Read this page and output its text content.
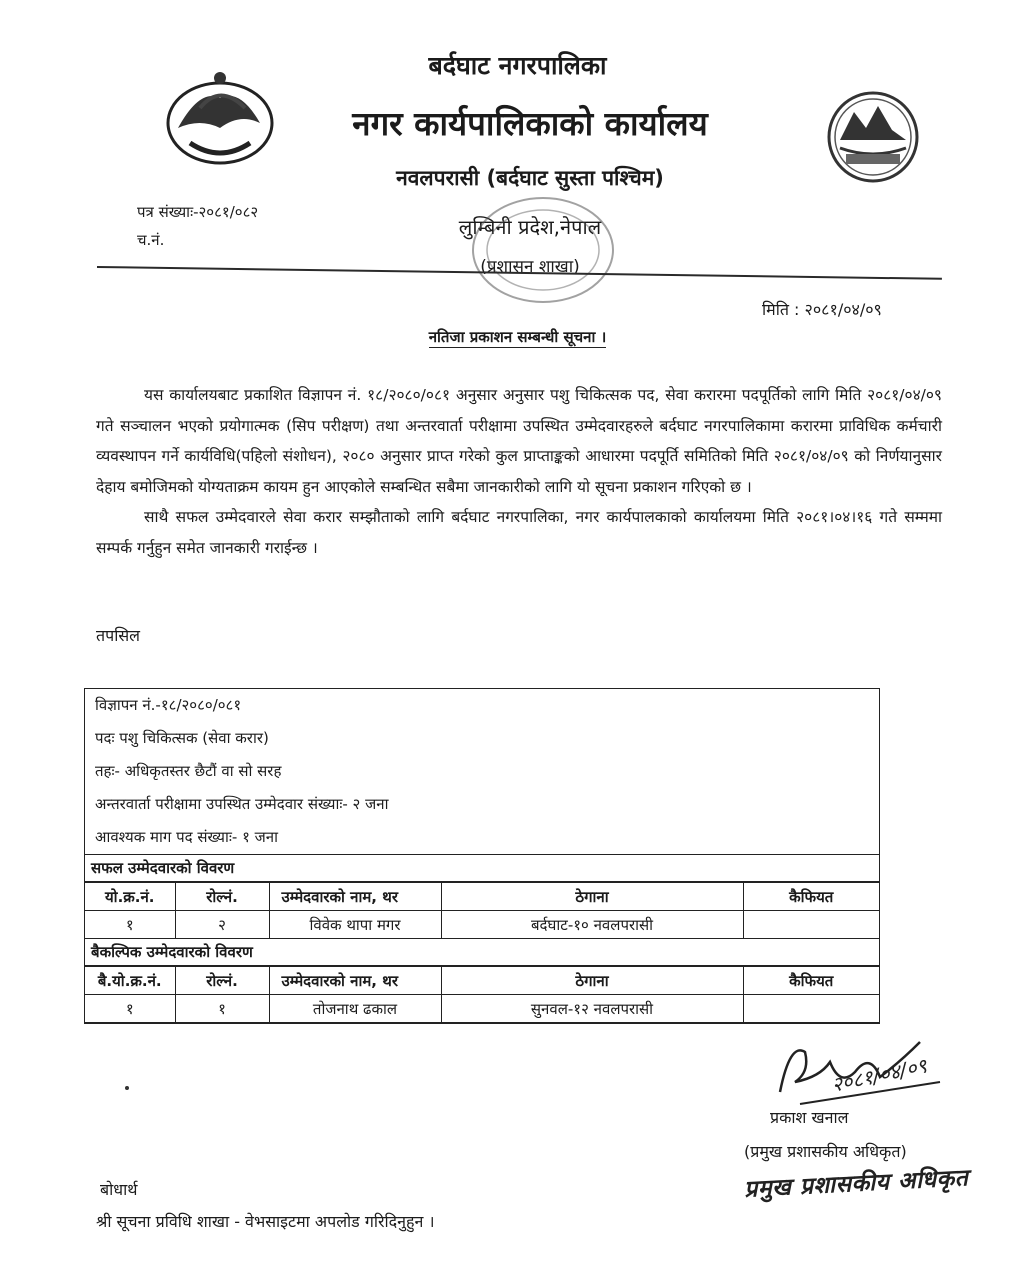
बर्दघाट नगरपालिका
नगर कार्यपालिकाको कार्यालय
नवलपरासी (बर्दघाट सुस्ता पश्चिम)
लुम्बिनी प्रदेश,नेपाल
(प्रशासन शाखा)
पत्र संख्याः-२०८१/०८२
च.नं.
मिति : २०८१/०४/०९
नतिजा प्रकाशन सम्बन्धी सूचना ।

यस कार्यालयबाट प्रकाशित विज्ञापन नं. १८/२०८०/०८१ अनुसार अनुसार पशु चिकित्सक पद, सेवा करारमा पदपूर्तिको लागि मिति २०८१/०४/०९ गते सञ्चालन भएको प्रयोगात्मक (सिप परीक्षण) तथा अन्तरवार्ता परीक्षामा उपस्थित उम्मेदवारहरुले बर्दघाट नगरपालिकामा करारमा प्राविधिक कर्मचारी व्यवस्थापन गर्ने कार्यविधि(पहिलो संशोधन), २०८० अनुसार प्राप्त गरेको कुल प्राप्ताङ्कको आधारमा पदपूर्ति समितिको मिति २०८१/०४/०९ को निर्णयानुसार देहाय बमोजिमको योग्यताक्रम कायम हुन आएकोले सम्बन्धित सबैमा जानकारीको लागि यो सूचना प्रकाशन गरिएको छ ।

साथै सफल उम्मेदवारले सेवा करार सम्झौताको लागि बर्दघाट नगरपालिका, नगर कार्यपालकाको कार्यालयमा मिति २०८१।०४।१६ गते सम्ममा सम्पर्क गर्नुहुन समेत जानकारी गराईन्छ ।

तपसिल
विज्ञापन नं.-१८/२०८०/०८१
पदः पशु चिकित्सक (सेवा करार)
तहः- अधिकृतस्तर छैटौं वा सो सरह
अन्तरवार्ता परीक्षामा उपस्थित उम्मेदवार संख्याः- २ जना
आवश्यक माग पद संख्याः- १ जना
सफल उम्मेदवारको विवरण
यो.क्र.नं.	रोल्नं.	उम्मेदवारको नाम, थर	ठेगाना	कैफियत
१	२	विवेक थापा मगर	बर्दघाट-१० नवलपरासी	
बैकल्पिक उम्मेदवारको विवरण
बै.यो.क्र.नं.	रोल्नं.	उम्मेदवारको नाम, थर	ठेगाना	कैफियत
१	१	तोजनाथ ढकाल	सुनवल-१२ नवलपरासी	
२०८१/०४/०९
प्रकाश खनाल
(प्रमुख प्रशासकीय अधिकृत)
प्रमुख प्रशासकीय अधिकृत
बोधार्थ
श्री सूचना प्रविधि शाखा - वेभसाइटमा अपलोड गरिदिनुहुन ।
